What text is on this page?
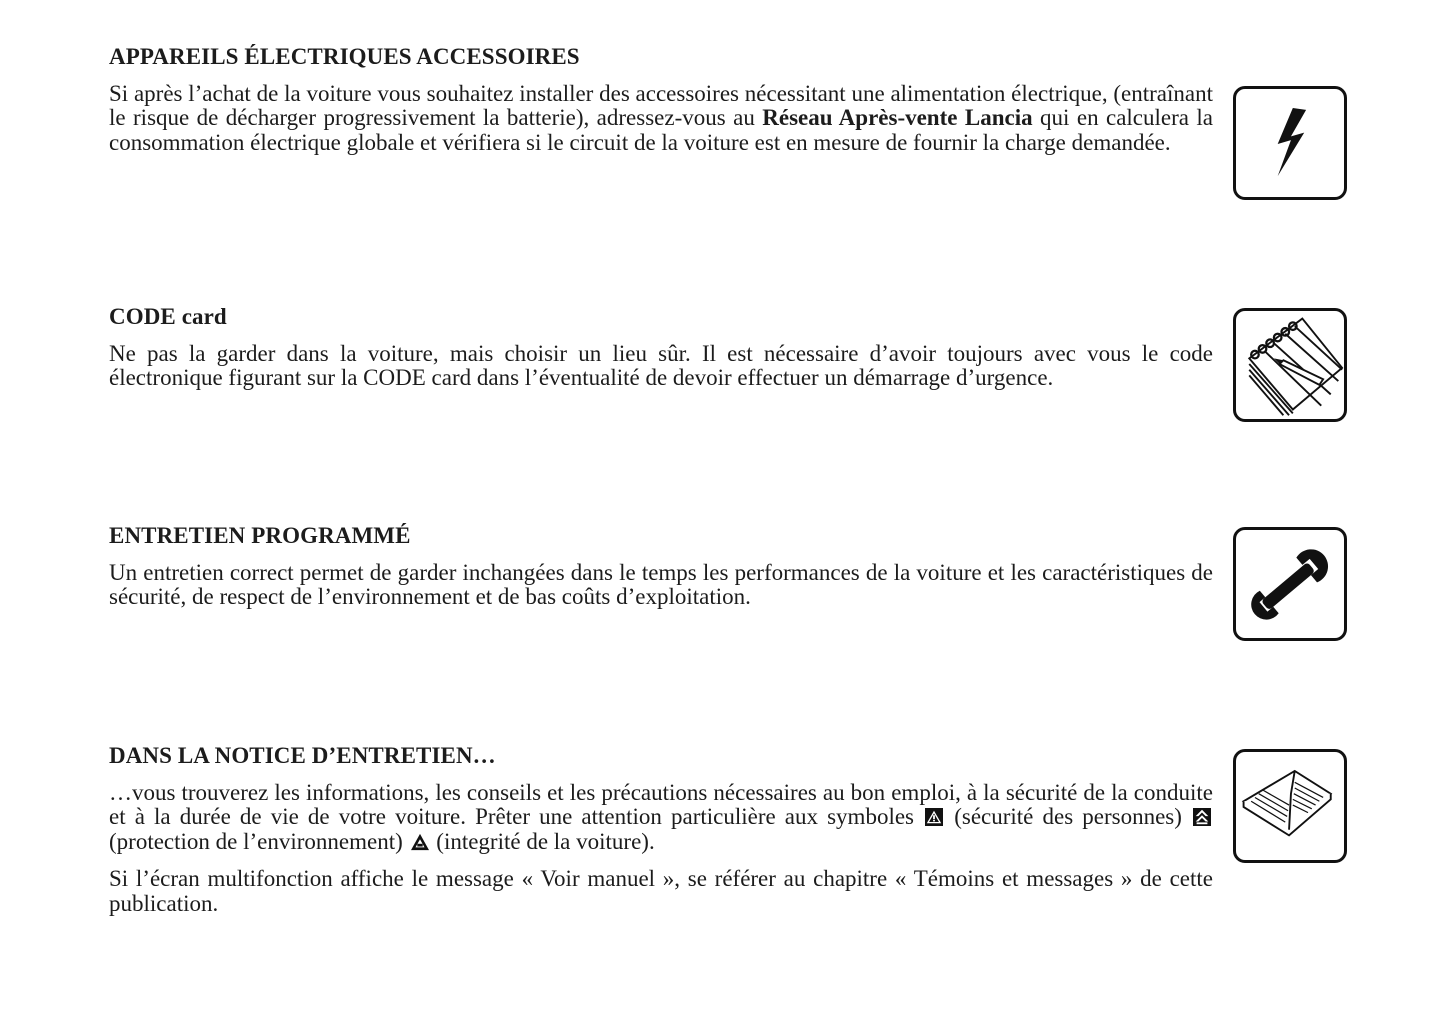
APPAREILS ÉLECTRIQUES ACCESSOIRES

Si après l’achat de la voiture vous souhaitez installer des accessoires nécessitant une alimentation électrique, (entraînant le risque de décharger progressivement la batterie), adressez-vous au Réseau Après-vente Lancia qui en calculera la consommation électrique globale et vérifiera si le circuit de la voiture est en mesure de fournir la charge demandée.

CODE card

Ne pas la garder dans la voiture, mais choisir un lieu sûr. Il est nécessaire d’avoir toujours avec vous le code électronique figurant sur la CODE card dans l’éventualité de devoir effectuer un démarrage d’urgence.

ENTRETIEN PROGRAMMÉ

Un entretien correct permet de garder inchangées dans le temps les performances de la voiture et les caractéristiques de sécurité, de respect de l’environnement et de bas coûts d’exploitation.

DANS LA NOTICE D’ENTRETIEN…

…vous trouverez les informations, les conseils et les précautions nécessaires au bon emploi, à la sécurité de la conduite et à la durée de vie de votre voiture. Prêter une attention particulière aux symboles  (sécurité des personnes)  (protection de l’environnement)  (integrité de la voiture).

Si l’écran multifonction affiche le message « Voir manuel », se référer au chapitre « Témoins et messages » de cette publication.
